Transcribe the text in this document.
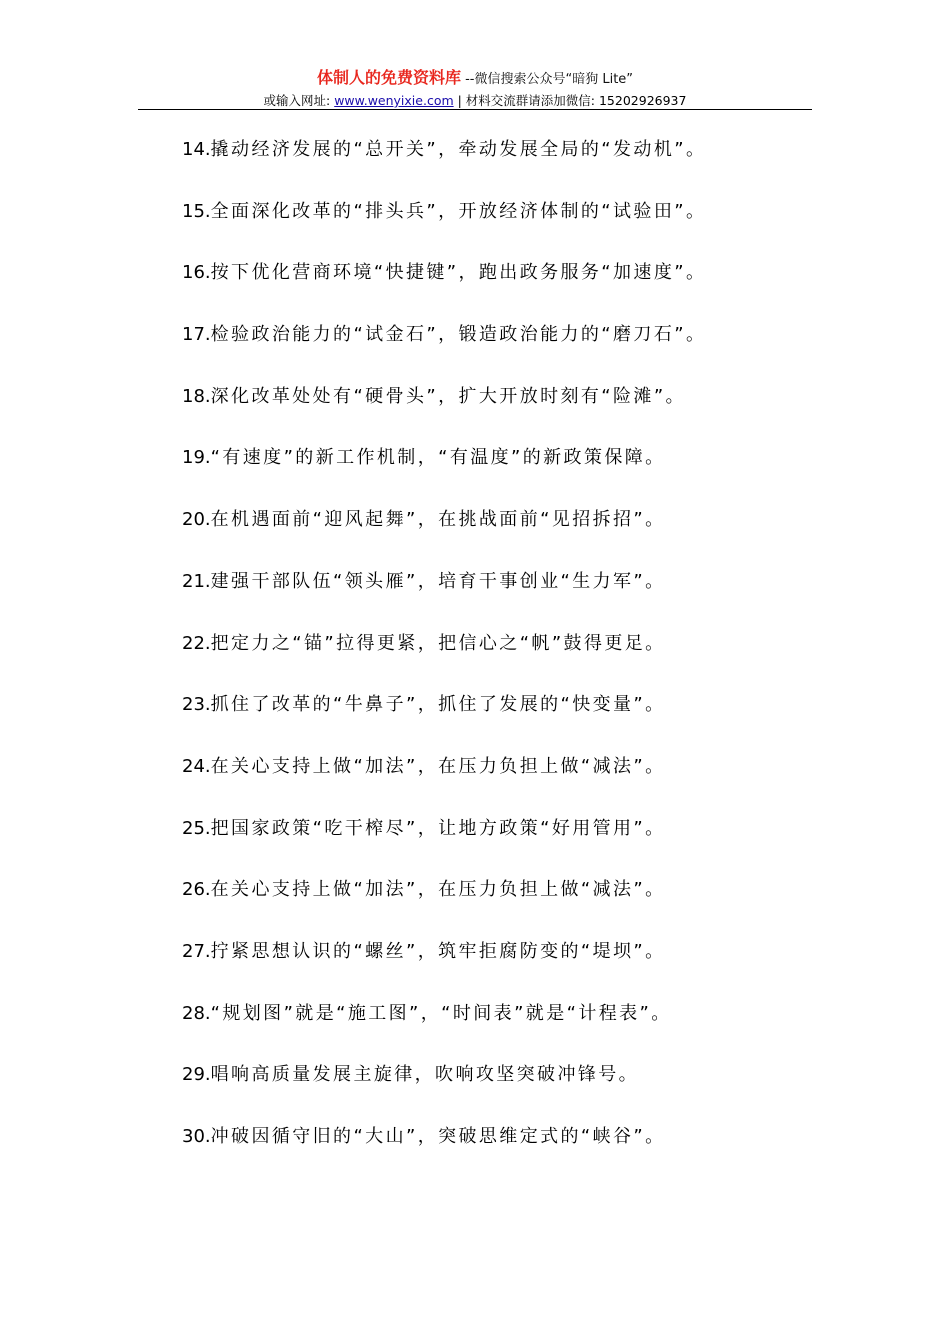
体制人的免费资料库 --微信搜索公众号“暗狗 Lite”
或输入网址: www.wenyixie.com | 材料交流群请添加微信: 15202926937
14.撬动经济发展的“总开关”，牵动发展全局的“发动机”。
15.全面深化改革的“排头兵”，开放经济体制的“试验田”。
16.按下优化营商环境“快捷键”，跑出政务服务“加速度”。
17.检验政治能力的“试金石”，锻造政治能力的“磨刀石”。
18.深化改革处处有“硬骨头”，扩大开放时刻有“险滩”。
19.“有速度”的新工作机制，“有温度”的新政策保障。
20.在机遇面前“迎风起舞”，在挑战面前“见招拆招”。
21.建强干部队伍“领头雁”，培育干事创业“生力军”。
22.把定力之“锚”拉得更紧，把信心之“帆”鼓得更足。
23.抓住了改革的“牛鼻子”，抓住了发展的“快变量”。
24.在关心支持上做“加法”，在压力负担上做“减法”。
25.把国家政策“吃干榨尽”，让地方政策“好用管用”。
26.在关心支持上做“加法”，在压力负担上做“减法”。
27.拧紧思想认识的“螺丝”，筑牢拒腐防变的“堤坝”。
28.“规划图”就是“施工图”，“时间表”就是“计程表”。
29.唱响高质量发展主旋律，吹响攻坚突破冲锋号。
30.冲破因循守旧的“大山”，突破思维定式的“峡谷”。
